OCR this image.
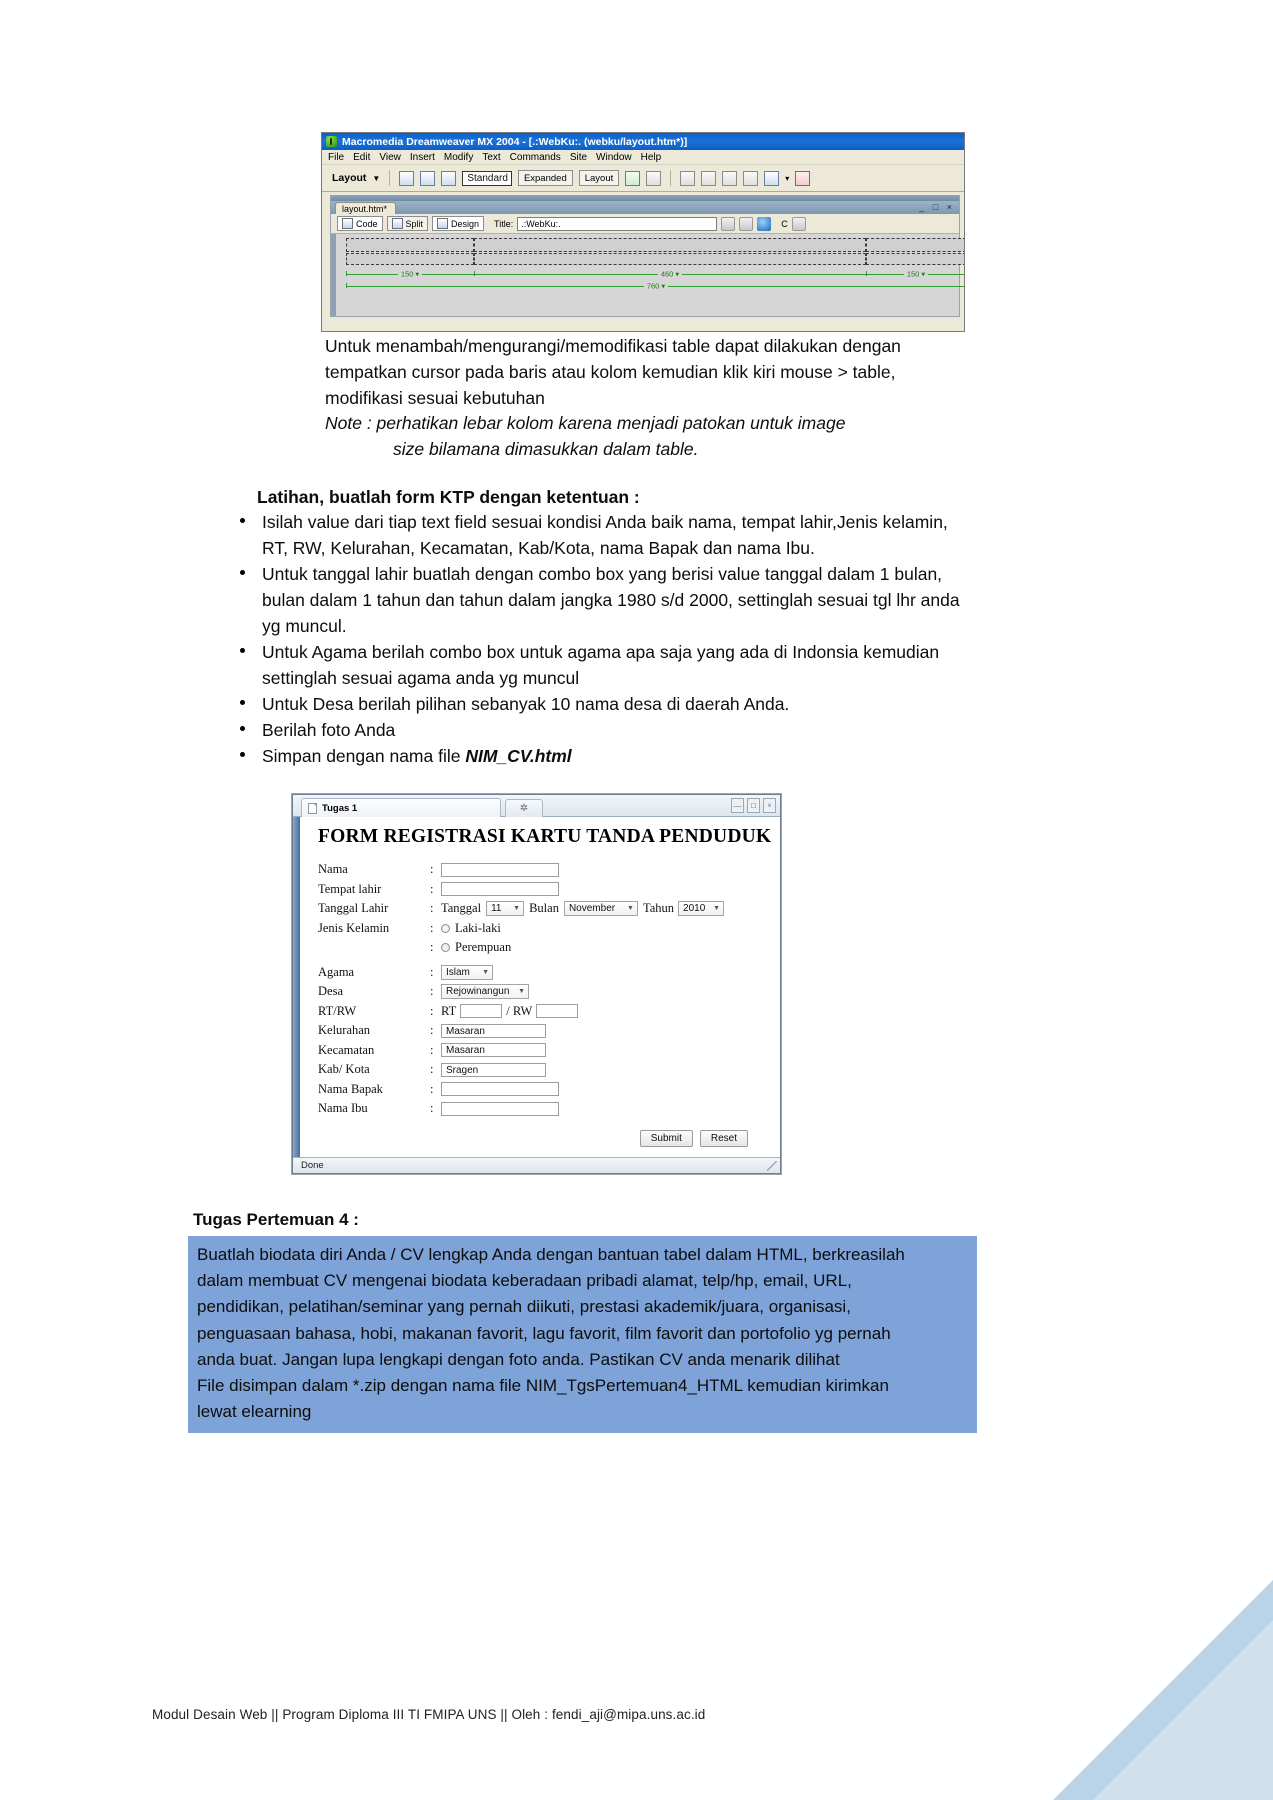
Macromedia Dreamweaver MX 2004 - [.:WebKu:. (webku/layout.htm*)]
File Edit View Insert Modify Text Commands Site Window Help
Layout ▼	Standard	Expanded	Layout	▾
layout.htm*	_ □ ×
Code	Split	Design Title: .:WebKu:.	C
150 ▾	460 ▾	150 ▾
760 ▾
Untuk menambah/mengurangi/memodifikasi table dapat dilakukan dengan
tempatkan cursor pada baris atau kolom kemudian klik kiri mouse > table,
modifikasi sesuai kebutuhan
Note : perhatikan lebar kolom karena menjadi patokan untuk image
size bilamana dimasukkan dalam table.
Latihan, buatlah form KTP dengan ketentuan :
Isilah value dari tiap text field sesuai kondisi Anda baik nama, tempat lahir,Jenis kelamin, RT, RW, Kelurahan, Kecamatan, Kab/Kota, nama Bapak dan nama Ibu.
Untuk tanggal lahir buatlah dengan combo box yang berisi value tanggal dalam 1 bulan, bulan dalam 1 tahun dan tahun dalam jangka 1980 s/d 2000, settinglah sesuai tgl lhr anda yg muncul.
Untuk Agama berilah combo box untuk agama apa saja yang ada di Indonsia kemudian settinglah sesuai agama anda yg muncul
Untuk Desa berilah pilihan sebanyak 10 nama desa di daerah Anda.
Berilah foto Anda
Simpan dengan nama file NIM_CV.html
Tugas 1	✲	—	□	×
FORM REGISTRASI KARTU TANDA PENDUDUK
Nama	:
Tempat lahir	:
Tanggal Lahir	: Tanggal 11 ▼ Bulan November ▼ Tahun 2010 ▼
Jenis Kelamin	:	Laki-laki
:	Perempuan
Agama	:	Islam ▼
Desa	:	Rejowinangun ▼
RT/RW	: RT	/ RW
Kelurahan	:	Masaran
Kecamatan	:	Masaran
Kab/ Kota	:	Sragen
Nama Bapak	:
Nama Ibu	:
Submit	Reset
Done
Tugas Pertemuan 4 :
Buatlah biodata diri Anda / CV lengkap Anda dengan bantuan tabel dalam HTML, berkreasilah
dalam membuat CV mengenai biodata keberadaan pribadi alamat, telp/hp, email, URL,
pendidikan, pelatihan/seminar yang pernah diikuti, prestasi akademik/juara, organisasi,
penguasaan bahasa, hobi, makanan favorit, lagu favorit, film favorit dan portofolio yg pernah
anda buat. Jangan lupa lengkapi dengan foto anda. Pastikan CV anda menarik dilihat
File disimpan dalam *.zip dengan nama file NIM_TgsPertemuan4_HTML kemudian kirimkan
lewat elearning
58
Modul Desain Web || Program Diploma III TI FMIPA UNS || Oleh : fendi_aji@mipa.uns.ac.id
